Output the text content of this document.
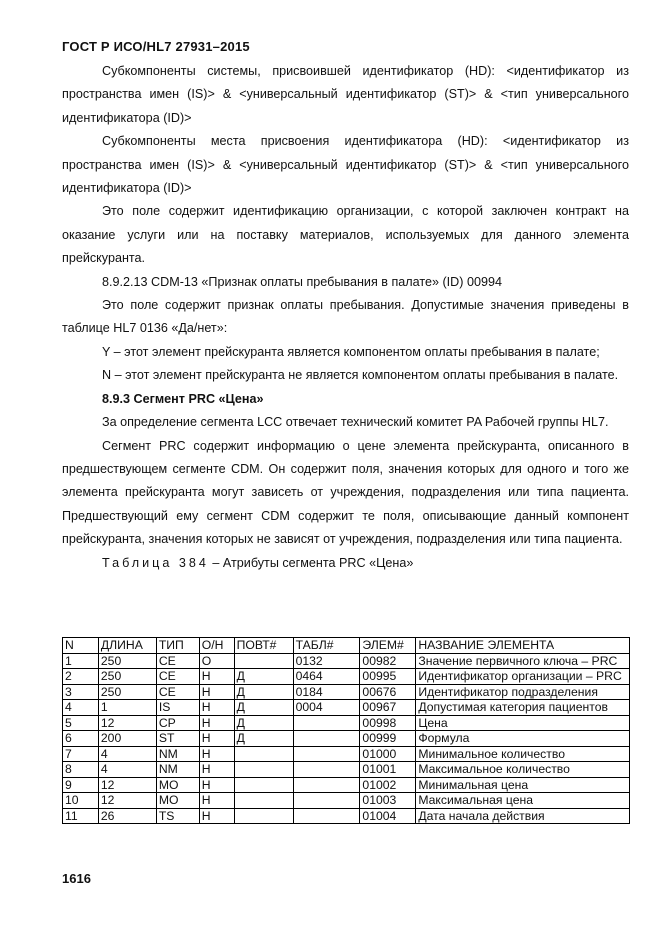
ГОСТ Р ИСО/HL7 27931–2015

Субкомпоненты системы, присвоившей идентификатор (HD): <идентификатор из пространства имен (IS)> & <универсальный идентификатор (ST)> & <тип универсального идентификатора (ID)>

Субкомпоненты места присвоения идентификатора (HD): <идентификатор из пространства имен (IS)> & <универсальный идентификатор (ST)> & <тип универсального идентификатора (ID)>

Это поле содержит идентификацию организации, с которой заключен контракт на оказание услуги или на поставку материалов, используемых для данного элемента прейскуранта.

8.9.2.13 CDM-13 «Признак оплаты пребывания в палате» (ID) 00994

Это поле содержит признак оплаты пребывания. Допустимые значения приведены в таблице HL7 0136 «Да/нет»:

Y – этот элемент прейскуранта является компонентом оплаты пребывания в палате;

N – этот элемент прейскуранта не является компонентом оплаты пребывания в палате.

8.9.3 Сегмент PRC «Цена»

За определение сегмента LCC отвечает технический комитет PA Рабочей группы HL7.

Сегмент PRC содержит информацию о цене элемента прейскуранта, описанного в предшествующем сегменте CDM. Он содержит поля, значения которых для одного и того же элемента прейскуранта могут зависеть от учреждения, подразделения или типа пациента. Предшествующий ему сегмент CDM содержит те поля, описывающие данный компонент прейскуранта, значения которых не зависят от учреждения, подразделения или типа пациента.

Таблица 384 – Атрибуты сегмента PRC «Цена»

N	ДЛИНА	ТИП	О/Н	ПОВТ#	ТАБЛ#	ЭЛЕМ#	НАЗВАНИЕ ЭЛЕМЕНТА
1	250	CE	О		0132	00982	Значение первичного ключа – PRC
2	250	CE	Н	Д	0464	00995	Идентификатор организации – PRC
3	250	CE	Н	Д	0184	00676	Идентификатор подразделения
4	1	IS	Н	Д	0004	00967	Допустимая категория пациентов
5	12	CP	Н	Д		00998	Цена
6	200	ST	Н	Д		00999	Формула
7	4	NM	Н			01000	Минимальное количество
8	4	NM	Н			01001	Максимальное количество
9	12	MO	Н			01002	Минимальная цена
10	12	MO	Н			01003	Максимальная цена
11	26	TS	Н			01004	Дата начала действия
1616
